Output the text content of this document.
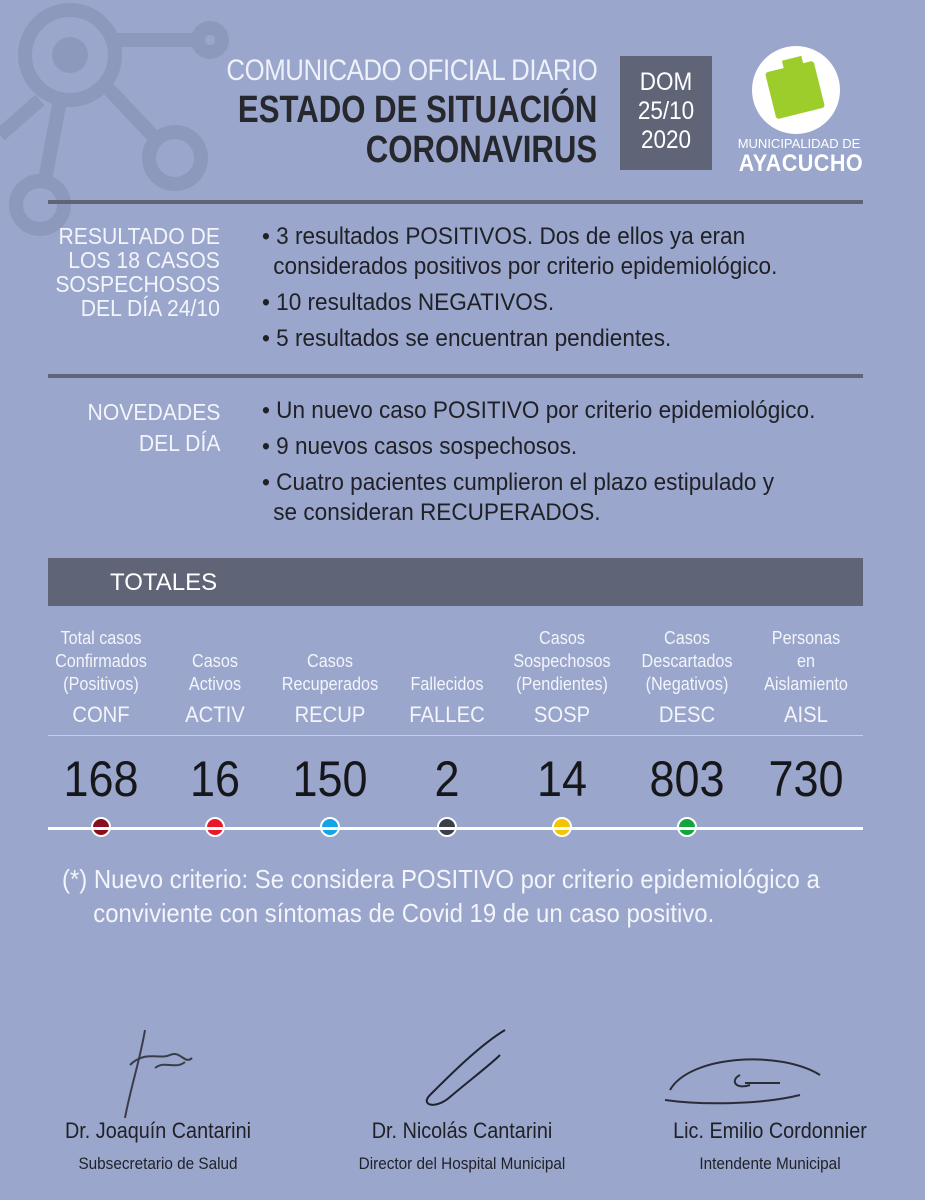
COMUNICADO OFICIAL DIARIO
ESTADO DE SITUACIÓN
CORONAVIRUS
DOM
25/10
2020	MUNICIPALIDAD DE
AYACUCHO
RESULTADO DE
LOS 18 CASOS
SOSPECHOSOS
DEL DÍA 24/10
• 3 resultados POSITIVOS. Dos de ellos ya eran
considerados positivos por criterio epidemiológico.
• 10 resultados NEGATIVOS.
• 5 resultados se encuentran pendientes.
NOVEDADES
DEL DÍA
• Un nuevo caso POSITIVO por criterio epidemiológico.
• 9 nuevos casos sospechosos.
• Cuatro pacientes cumplieron el plazo estipulado y
se consideran RECUPERADOS.
TOTALES
Total casos
Confirmados
(Positivos)
CONF
168
Casos
Activos
ACTIV
16
Casos
Recuperados
RECUP
150
Fallecidos
FALLEC
2
Casos
Sospechosos
(Pendientes)
SOSP
14
Casos
Descartados
(Negativos)
DESC
803
Personas
en
Aislamiento
AISL
730
(*) Nuevo criterio: Se considera POSITIVO por criterio epidemiológico a
conviviente con síntomas de Covid 19 de un caso positivo.
Dr. Joaquín Cantarini
Subsecretario de Salud
Dr. Nicolás Cantarini
Director del Hospital Municipal
Lic. Emilio Cordonnier
Intendente Municipal
